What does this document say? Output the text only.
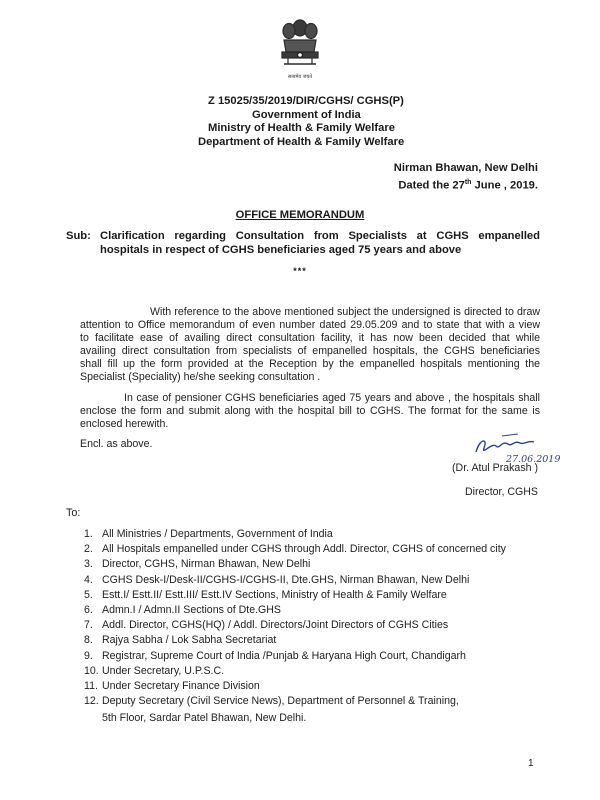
सत्यमेव जयते
Z 15025/35/2019/DIR/CGHS/ CGHS(P)
Government of India
Ministry of Health & Family Welfare
Department of Health & Family Welfare
Nirman Bhawan, New Delhi
Dated the 27th June , 2019.
OFFICE MEMORANDUM
Sub: Clarification regarding Consultation from Specialists at CGHS empanelled
hospitals in respect of CGHS beneficiaries aged 75 years and above
***
With reference to the above mentioned subject the undersigned is directed to draw
attention to Office memorandum of even number dated 29.05.209 and to state that with a view
to facilitate ease of availing direct consultation facility, it has now been decided that while
availing direct consultation from specialists of empanelled hospitals, the CGHS beneficiaries
shall fill up the form provided at the Reception by the empanelled hospitals mentioning the
Specialist (Speciality) he/she seeking consultation .
In case of pensioner CGHS beneficiaries aged 75 years and above , the hospitals shall
enclose the form and submit along with the hospital bill to CGHS. The format for the same is
enclosed herewith.
Encl. as above.
27.06.2019
(Dr. Atul Prakash )
Director, CGHS
To:
1. All Ministries / Departments, Government of India
2. All Hospitals empanelled under CGHS through Addl. Director, CGHS of concerned city
3. Director, CGHS, Nirman Bhawan, New Delhi
4. CGHS Desk-I/Desk-II/CGHS-I/CGHS-II, Dte.GHS, Nirman Bhawan, New Delhi
5. Estt.I/ Estt.II/ Estt.III/ Estt.IV Sections, Ministry of Health & Family Welfare
6. Admn.I / Admn.II Sections of Dte.GHS
7. Addl. Director, CGHS(HQ) / Addl. Directors/Joint Directors of CGHS Cities
8. Rajya Sabha / Lok Sabha Secretariat
9. Registrar, Supreme Court of India /Punjab & Haryana High Court, Chandigarh
10. Under Secretary, U.P.S.C.
11. Under Secretary Finance Division
12. Deputy Secretary (Civil Service News), Department of Personnel & Training,
5th Floor, Sardar Patel Bhawan, New Delhi.
1
